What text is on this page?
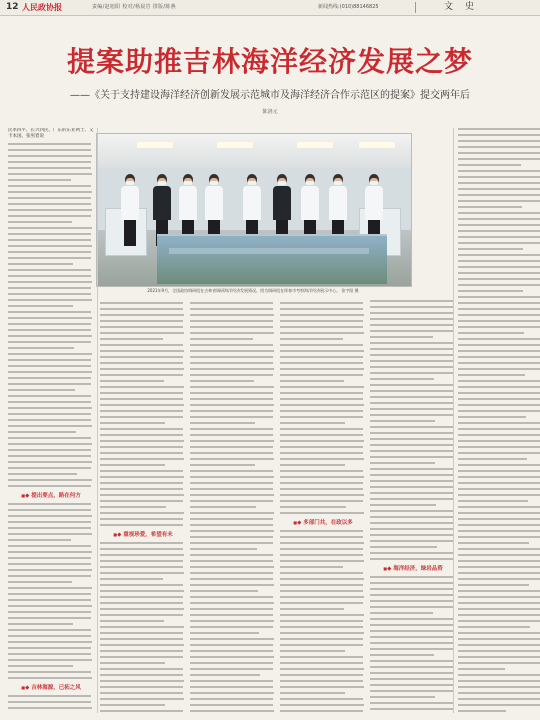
12 人民政协报	责编/赵旭阳 校对/杨晨岩 排版/陈燕	新闻热线:(010)88146825	文史
提案助推吉林海洋经济发展之梦
——《关于支持建设海洋经济创新发展示范城市及海洋经济合作示范区的提案》提交两年后
陈洛元
2021年9月，全国政协调研组在吉林省调研海洋经济发展情况。图为调研组在珲春市考察海洋经济展示中心。 张宇阳 摄
民革四平、长兴四民、广东的东亚两士、又卡本国、张男着说
■ ◆ 提出要点，路在何方
■ ◆ 吉林海源，已拓之风
■ ◆ 重视珍爱，希望有未
■ ◆ 多部门共，在政以多
■ ◆ 海洋经济，绿岩品资
